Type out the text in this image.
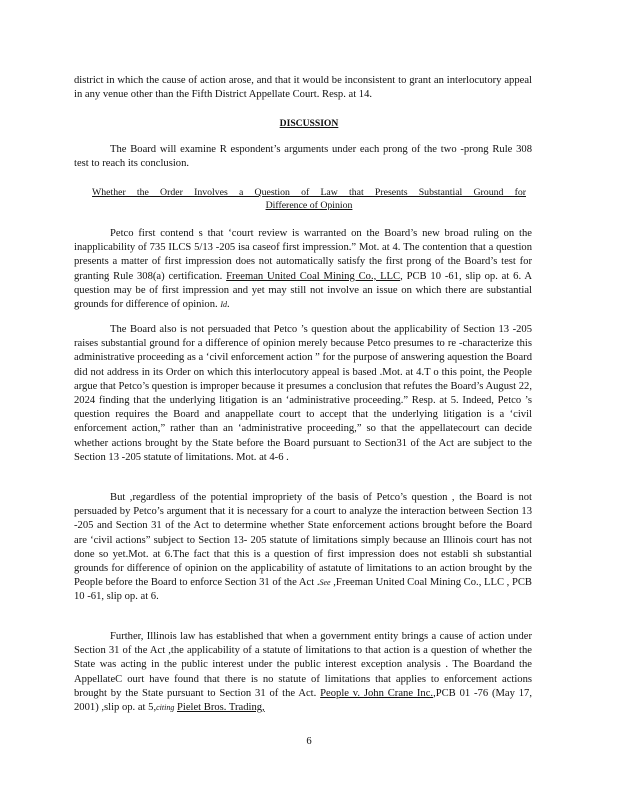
district in which the cause of action arose, and that it would be inconsistent to grant an interlocutory appeal in any venue other than the Fifth District Appellate Court. Resp. at 14.

DISCUSSION

The Board will examine R espondent’s arguments under each prong of the two -prong Rule 308 test to reach its conclusion.

Whether the Order Involves a Question of Law that Presents Substantial Ground for
Difference of Opinion

Petco first contend s that ‘court review is warranted on the Board’s new broad ruling on the inapplicability of 735 ILCS 5/13 -205 isa caseof first impression.” Mot. at 4. The contention that a question presents a matter of first impression does not automatically satisfy the first prong of the Board’s test for granting Rule 308(a) certification. Freeman United Coal Mining Co., LLC, PCB 10 -61, slip op. at 6. A question may be of first impression and yet may still not involve an issue on which there are substantial grounds for difference of opinion. Id.

The Board also is not persuaded that Petco ’s question about the applicability of Section 13 -205 raises substantial ground for a difference of opinion merely because Petco presumes to re -characterize this administrative proceeding as a ‘civil enforcement action ” for the purpose of answering aquestion the Board did not address in its Order on which this interlocutory appeal is based .Mot. at 4.T o this point, the People argue that Petco’s question is improper because it presumes a conclusion that refutes the Board’s August 22, 2024 finding that the underlying litigation is an ‘administrative proceeding.” Resp. at 5. Indeed, Petco ’s question requires the Board and anappellate court to accept that the underlying litigation is a ‘civil enforcement action,” rather than an ‘administrative proceeding,” so that the appellatecourt can decide whether actions brought by the State before the Board pursuant to Section31 of the Act are subject to the Section 13 -205 statute of limitations. Mot. at 4-6 .

But ,regardless of the potential impropriety of the basis of Petco’s question , the Board is not persuaded by Petco’s argument that it is necessary for a court to analyze the interaction between Section 13 -205 and Section 31 of the Act to determine whether State enforcement actions brought before the Board are ‘civil actions” subject to Section 13- 205 statute of limitations simply because an Illinois court has not done so yet.Mot. at 6.The fact that this is a question of first impression does not establi sh substantial grounds for difference of opinion on the applicability of astatute of limitations to an action brought by the People before the Board to enforce Section 31 of the Act .See ,Freeman United Coal Mining Co., LLC , PCB 10 -61, slip op. at 6.

Further, Illinois law has established that when a government entity brings a cause of action under Section 31 of the Act ,the applicability of a statute of limitations to that action is a question of whether the State was acting in the public interest under the public interest exception analysis . The Boardand the AppellateC ourt have found that there is no statute of limitations that applies to enforcement actions brought by the State pursuant to Section 31 of the Act. People v. John Crane Inc.,PCB 01 -76 (May 17, 2001) ,slip op. at 5,citing Pielet Bros. Trading,

6
